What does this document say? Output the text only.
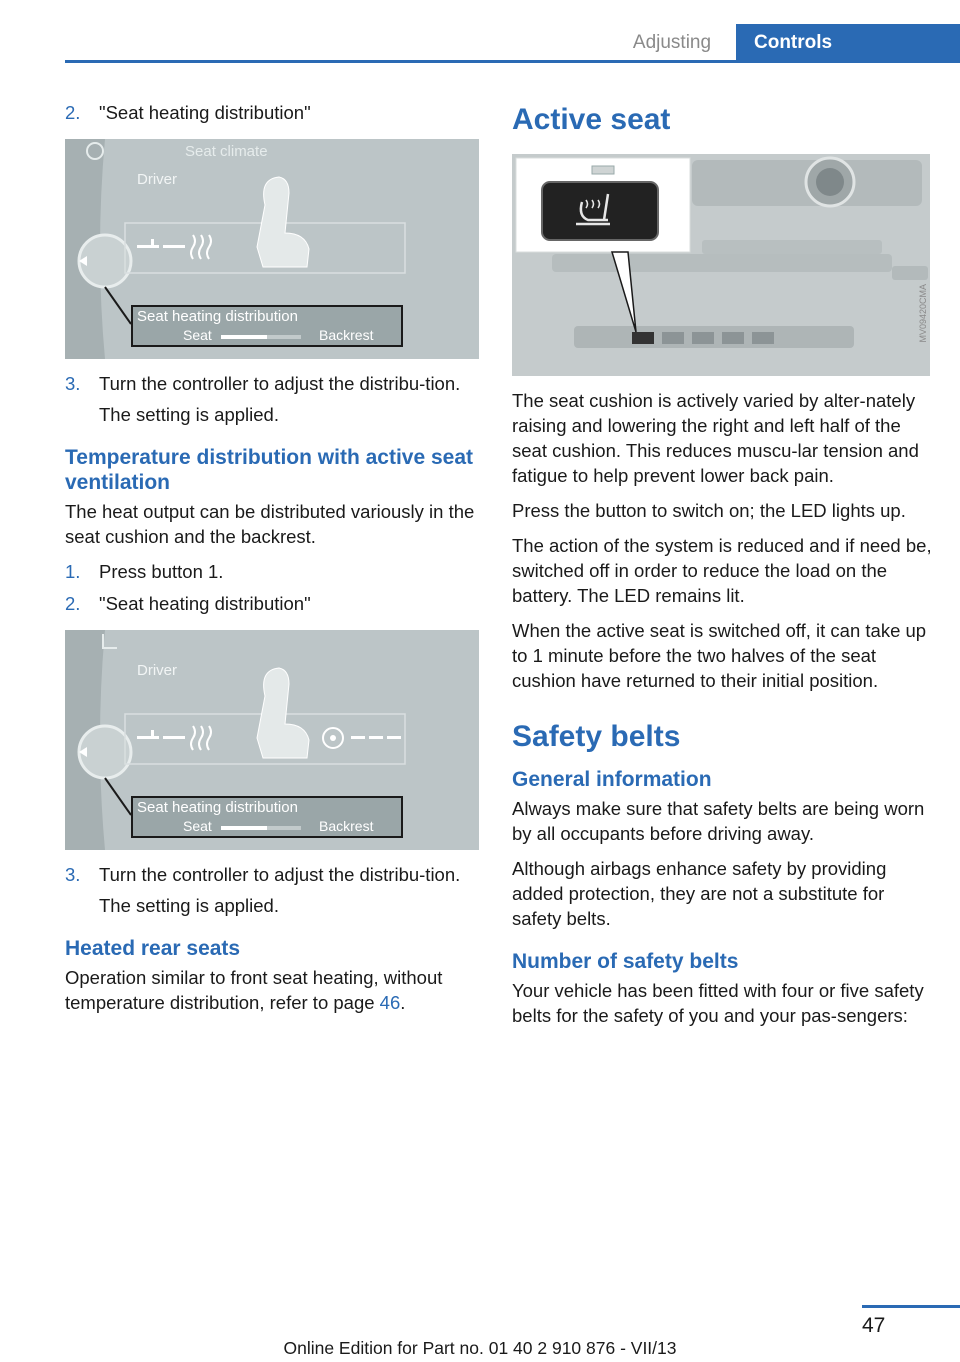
Adjusting	Controls
2. "Seat heating distribution"
Seat climate
Driver
Seat heating distribution
Seat	Backrest
3. Turn the controller to adjust the distribu‐tion.
The setting is applied.
Temperature distribution with active seat ventilation

The heat output can be distributed variously in the seat cushion and the backrest.

1. Press button 1.
2. "Seat heating distribution"
Driver
Seat heating distribution
Seat	Backrest
3. Turn the controller to adjust the distribu‐tion.
The setting is applied.
Heated rear seats

Operation similar to front seat heating, without temperature distribution, refer to page 46.

Active seat
MV09420CMA

The seat cushion is actively varied by alter‐nately raising and lowering the right and left half of the seat cushion. This reduces muscu‐lar tension and fatigue to help prevent lower back pain.

Press the button to switch on; the LED lights up.

The action of the system is reduced and if need be, switched off in order to reduce the load on the battery. The LED remains lit.

When the active seat is switched off, it can take up to 1 minute before the two halves of the seat cushion have returned to their initial position.

Safety belts
General information

Always make sure that safety belts are being worn by all occupants before driving away.

Although airbags enhance safety by providing added protection, they are not a substitute for safety belts.

Number of safety belts

Your vehicle has been fitted with four or five safety belts for the safety of you and your pas‐sengers:

47
Online Edition for Part no. 01 40 2 910 876 - VII/13
